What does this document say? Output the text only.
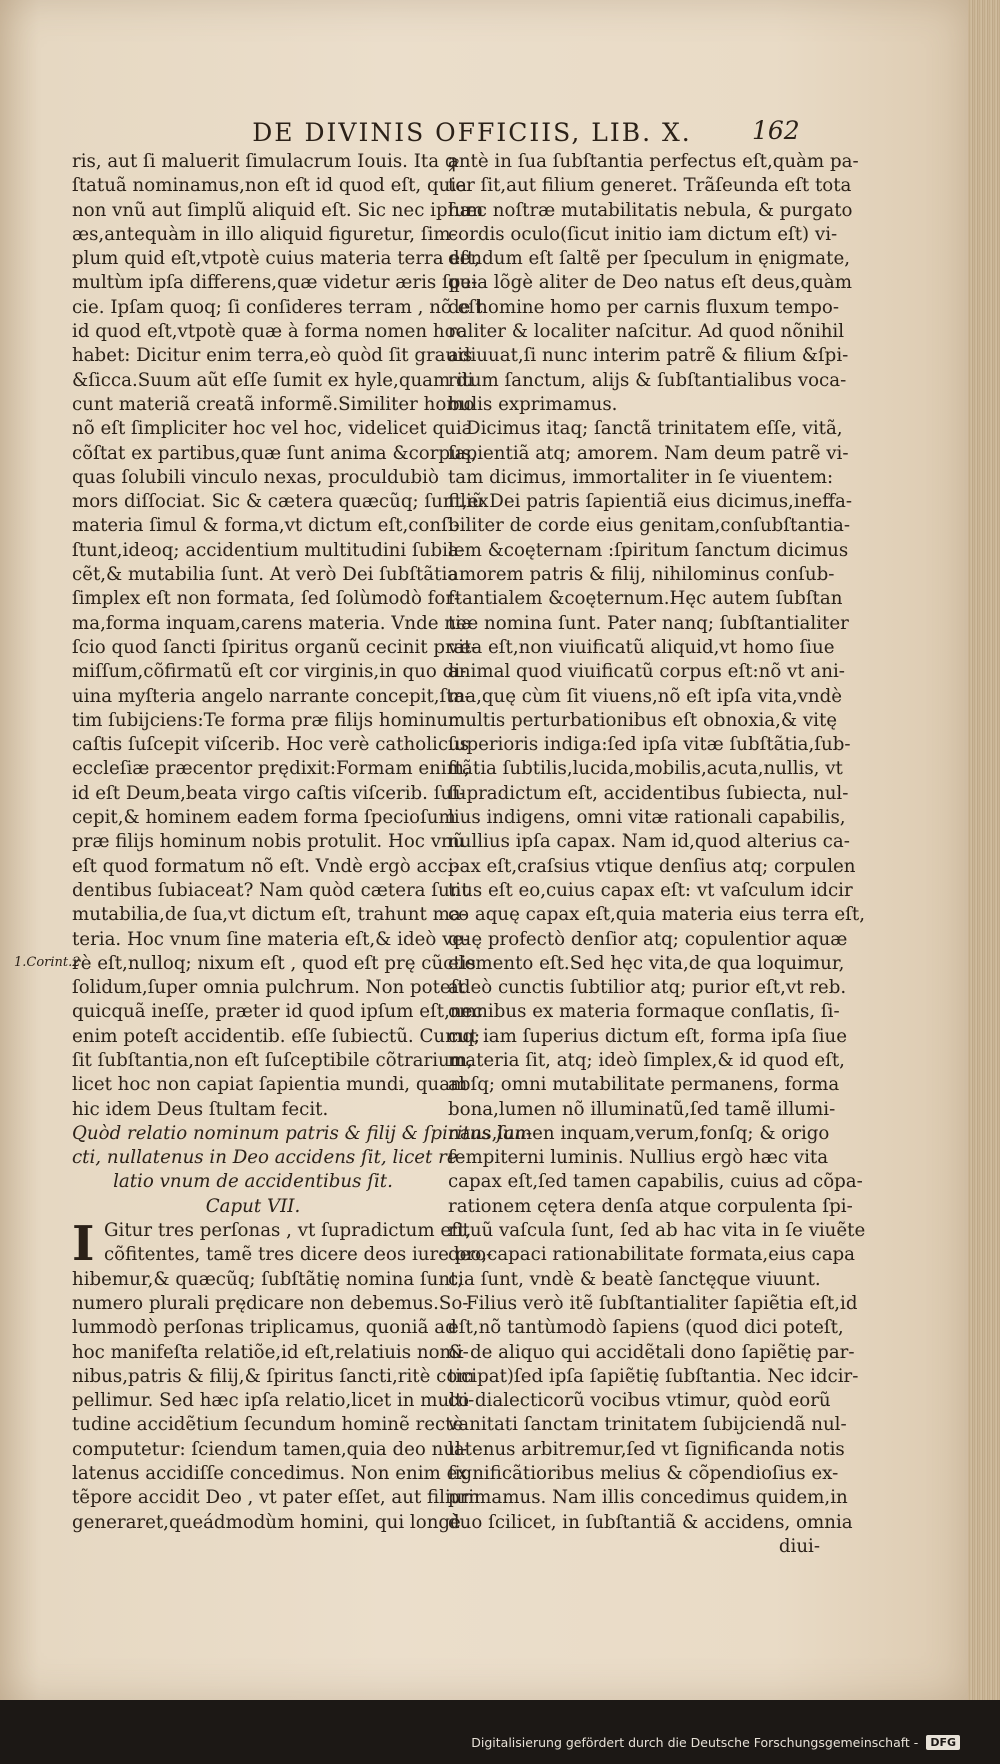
DE DIVINIS OFFICIIS, LIB. X.	162
ris, aut ſi maluerit ſimulacrum Iouis. Ita ꝙ
ſtatuã nominamus,non eſt id quod eſt, quia
non vnũ aut ſimplũ aliquid eſt. Sic nec ipſum
æs,antequàm in illo aliquid figuretur, ſim-
plum quid eſt,vtpotè cuius materia terra eſt,
multùm ipſa differens,quæ videtur æris ſpe-
cie. Ipſam quoq; ſi conſideres terram , nõ eſt
id quod eſt,vtpotè quæ à forma nomen hoc
habet: Dicitur enim terra,eò quòd ſit grauis
&ſicca.Suum aũt eſſe ſumit ex hyle,quam di
cunt materiã creatã informẽ.Similiter homo
nõ eſt ſimpliciter hoc vel hoc, videlicet quia
cõſtat ex partibus,quæ ſunt anima &corpus,
quas ſolubili vinculo nexas, proculdubiò
mors diſſociat. Sic & cætera quæcũq; ſunt,ex
materia ſimul & forma,vt dictum eſt,conſi-
ſtunt,ideoq; accidentium multitudini ſubia-
cẽt,& mutabilia ſunt. At verò Dei ſubſtãtia
ſimplex eſt non formata, ſed ſolùmodò for-
ma,forma inquam,carens materia. Vnde ne-
ſcio quod ſancti ſpiritus organũ cecinit præ-
miſſum,cõfirmatũ eſt cor virginis,in quo di-
uina myſteria angelo narrante concepit,ſta-
tim ſubijciens:Te forma præ filijs hominum
caſtis ſuſcepit viſcerib. Hoc verè catholicus
eccleſiæ præcentor prędixit:Formam enim,
id eſt Deum,beata virgo caſtis viſcerib. ſuſ-
cepit,& hominem eadem forma ſpecioſum
præ filijs hominum nobis protulit. Hoc vnũ
eſt quod formatum nõ eſt. Vndè ergò acci-
dentibus ſubiaceat? Nam quòd cætera ſunt
mutabilia,de ſua,vt dictum eſt, trahunt ma-
teria. Hoc vnum ſine materia eſt,& ideò ve-
rè eſt,nulloq; nixum eſt , quod eſt prę cũctis
ſolidum,ſuper omnia pulchrum. Non poteſt
quicquã ineſſe, præter id quod ipſum eſt,nec
enim poteſt accidentib. eſſe ſubiectũ. Cumq;
ſit ſubſtantia,non eſt ſuſceptibile cõtrarium,
licet hoc non capiat ſapientia mundi, quam
hic idem Deus ſtultam fecit.
Quòd relatio nominum patris & filij & ſpiritus ſan-
cti, nullatenus in Deo accidens ſit, licet re-
latio vnum de accidentibus ſit.
Caput VII.
Gitur tres perſonas , vt ſupradictum eſt,
cõfitentes, tamẽ tres dicere deos iure pro-
hibemur,& quæcũq; ſubſtãtię nomina ſunt,
numero plurali prędicare non debemus.So-
lummodò perſonas triplicamus, quoniã ad
hoc manifeſta relatiõe,id eſt,relatiuis nomi-
nibus,patris & filij,& ſpiritus ſancti,ritè com
pellimur. Sed hæc ipſa relatio,licet in multi-
tudine accidẽtium ſecundum hominẽ rectè
computetur: ſciendum tamen,quia deo nul-
latenus accidiſſe concedimus. Non enim ex
tẽpore accidit Deo , vt pater eſſet, aut filium
generaret,queádmodùm homini, qui longè
antè in ſua ſubſtantia perfectus eſt,quàm pa-
ter ſit,aut filium generet. Trãſeunda eſt tota
hæc noſtræ mutabilitatis nebula, & purgato
cordis oculo(ſicut initio iam dictum eſt) vi-
dendum eſt ſaltẽ per ſpeculum in ęnigmate,
quia lõgè aliter de Deo natus eſt deus,quàm
de homine homo per carnis fluxum tempo-
raliter & localiter naſcitur. Ad quod nõnihil
adiuuat,ſi nunc interim patrẽ & filium &ſpi-
ritum ſanctum, alijs & ſubſtantialibus voca-
bulis exprimamus.
Dicimus itaq; ſanctã trinitatem eſſe, vitã,
ſapientiã atq; amorem. Nam deum patrẽ vi-
tam dicimus, immortaliter in ſe viuentem:
filiũ Dei patris ſapientiã eius dicimus,ineffa-
biliter de corde eius genitam,conſubſtantia-
lem &coęternam :ſpiritum ſanctum dicimus
amorem patris & filij, nihilominus conſub-
ſtantialem &coęternum.Hęc autem ſubſtan
tiæ nomina ſunt. Pater nanq; ſubſtantialiter
vita eſt,non viuificatũ aliquid,vt homo ſiue
animal quod viuificatũ corpus eſt:nõ vt ani-
ma,quę cùm ſit viuens,nõ eſt ipſa vita,vndè
multis perturbationibus eſt obnoxia,& vitę
ſuperioris indiga:ſed ipſa vitæ ſubſtãtia,ſub-
ſtãtia ſubtilis,lucida,mobilis,acuta,nullis, vt
ſupradictum eſt, accidentibus ſubiecta, nul-
lius indigens, omni vitæ rationali capabilis,
nullius ipſa capax. Nam id,quod alterius ca-
pax eſt,craſsius vtique denſius atq; corpulen
tius eſt eo,cuius capax eſt: vt vaſculum idcir
co aquę capax eſt,quia materia eius terra eſt,
quę profectò denſior atq; copulentior aquæ
elemento eſt.Sed hęc vita,de qua loquimur,
adeò cunctis ſubtilior atq; purior eſt,vt reb.
omnibus ex materia formaque conſlatis, ſi-
cut iam ſuperius dictum eſt, forma ipſa ſiue
materia ſit, atq; ideò ſimplex,& id quod eſt,
abſq; omni mutabilitate permanens, forma
bona,lumen nõ illuminatũ,ſed tamẽ illumi-
nans,lumen inquam,verum,fonſq; & origo
ſempiterni luminis. Nullius ergò hæc vita
capax eſt,ſed tamen capabilis, cuius ad cõpa-
rationem cętera denſa atque corpulenta ſpi-
rituũ vaſcula ſunt, ſed ab hac vita in ſe viuẽte
deo,capaci rationabilitate formata,eius capa
cia ſunt, vndè & beatè ſanctęque viuunt.
Filius verò itẽ ſubſtantialiter ſapiẽtia eſt,id
eſt,nõ tantùmodò ſapiens (quod dici poteſt,
& de aliquo qui accidẽtali dono ſapiẽtię par-
ticipat)ſed ipſa ſapiẽtię ſubſtantia. Nec idcir-
co dialecticorũ vocibus vtimur, quòd eorũ
vanitati ſanctam trinitatem ſubijciendã nul-
latenus arbitremur,ſed vt ſignificanda notis
ſignificãtioribus melius & cõpendioſius ex-
primamus. Nam illis concedimus quidem,in
duo ſcilicet, in ſubſtantiã & accidens, omnia
diui-
1.Corint.2.
Digitalisierung gefördert durch die Deutsche Forschungsgemeinschaft -	DFG
I
